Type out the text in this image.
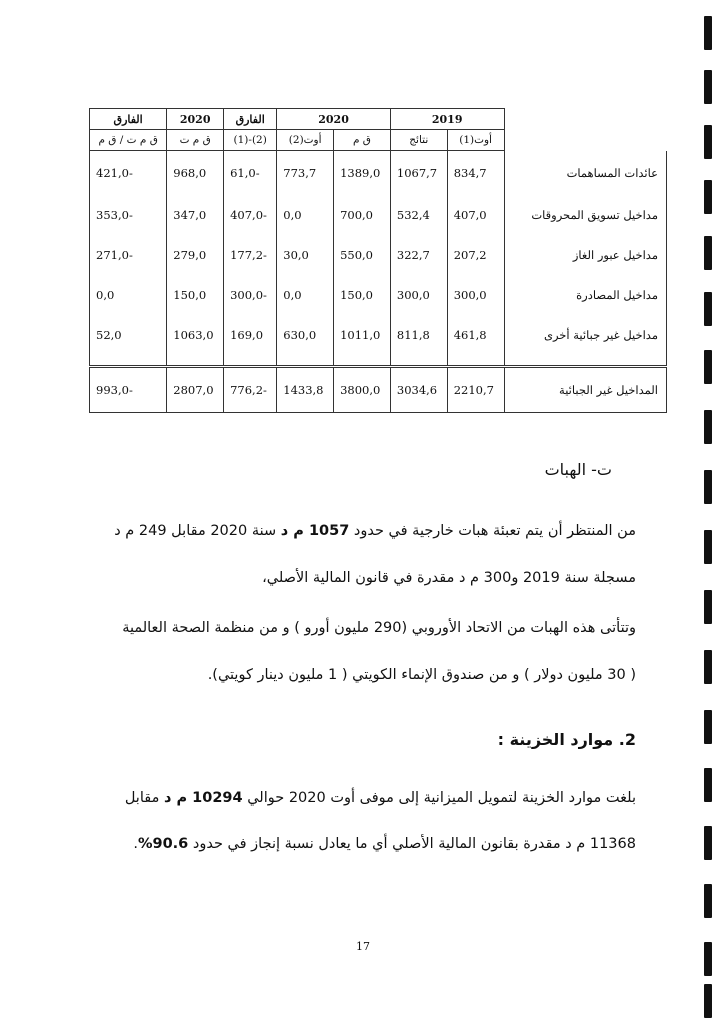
	2019		2020		الفارق	2020	الفارق
	أوت(1)	نتائج	ق م	أوت(2)	(2)-(1)	ق م ت	ق م ت / ق م
عائدات المساهمات	834,7	1067,7	1389,0	773,7	-61,0	968,0	-421,0
مداخيل تسويق المحروقات	407,0	532,4	700,0	0,0	-407,0	347,0	-353,0
مداخيل عبور الغاز	207,2	322,7	550,0	30,0	-177,2	279,0	-271,0
مداخيل المصادرة	300,0	300,0	150,0	0,0	-300,0	150,0	0,0
مداخيل غير جبائية أخرى	461,8	811,8	1011,0	630,0	169,0	1063,0	52,0

المداخيل غير الجبائية	2210,7	3034,6	3800,0	1433,8	-776,2	2807,0	-993,0
ت- الهبات
من المنتظر أن يتم تعبئة هبات خارجية في حدود 1057 م د سنة 2020 مقابل 249 م د
مسجلة سنة 2019 و300 م د مقدرة في قانون المالية الأصلي،
وتتأتى هذه الهبات من الاتحاد الأوروبي (290 مليون أورو ) و من منظمة الصحة العالمية
( 30 مليون دولار ) و من صندوق الإنماء الكويتي ( 1 مليون دينار كويتي).
2. موارد الخزينة :
بلغت موارد الخزينة لتمويل الميزانية إلى موفى أوت 2020 حوالي 10294 م د مقابل
11368 م د مقدرة بقانون المالية الأصلي أي ما يعادل نسبة إنجاز في حدود 90.6%.
17
